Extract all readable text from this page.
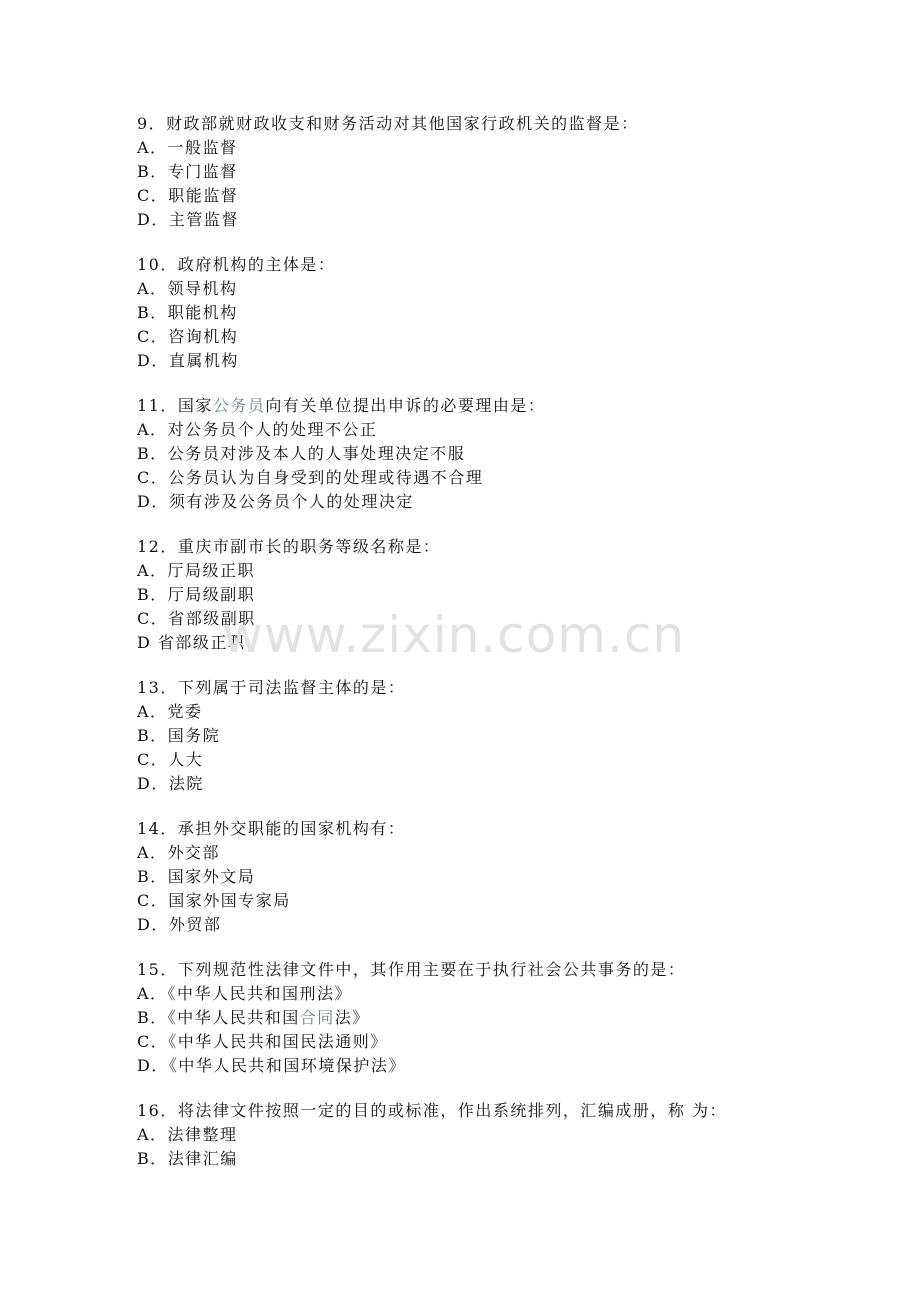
9．财政部就财政收支和财务活动对其他国家行政机关的监督是：
A．一般监督
B．专门监督
C．职能监督
D．主管监督
10．政府机构的主体是：
A．领导机构
B．职能机构
C．咨询机构
D．直属机构
11．国家公务员向有关单位提出申诉的必要理由是：
A．对公务员个人的处理不公正
B．公务员对涉及本人的人事处理决定不服
C．公务员认为自身受到的处理或待遇不合理
D．须有涉及公务员个人的处理决定
12．重庆市副市长的职务等级名称是：
A．厅局级正职
B．厅局级副职
C．省部级副职
D 省部级正职
13．下列属于司法监督主体的是：
A．党委
B．国务院
C．人大
D．法院
14．承担外交职能的国家机构有：
A．外交部
B．国家外文局
C．国家外国专家局
D．外贸部
15．下列规范性法律文件中，其作用主要在于执行社会公共事务的是：
A．《中华人民共和国刑法》
B．《中华人民共和国合同法》
C．《中华人民共和国民法通则》
D．《中华人民共和国环境保护法》
16．将法律文件按照一定的目的或标准，作出系统排列，汇编成册，称 为：
A．法律整理
B．法律汇编
www.zixin.com.cn
